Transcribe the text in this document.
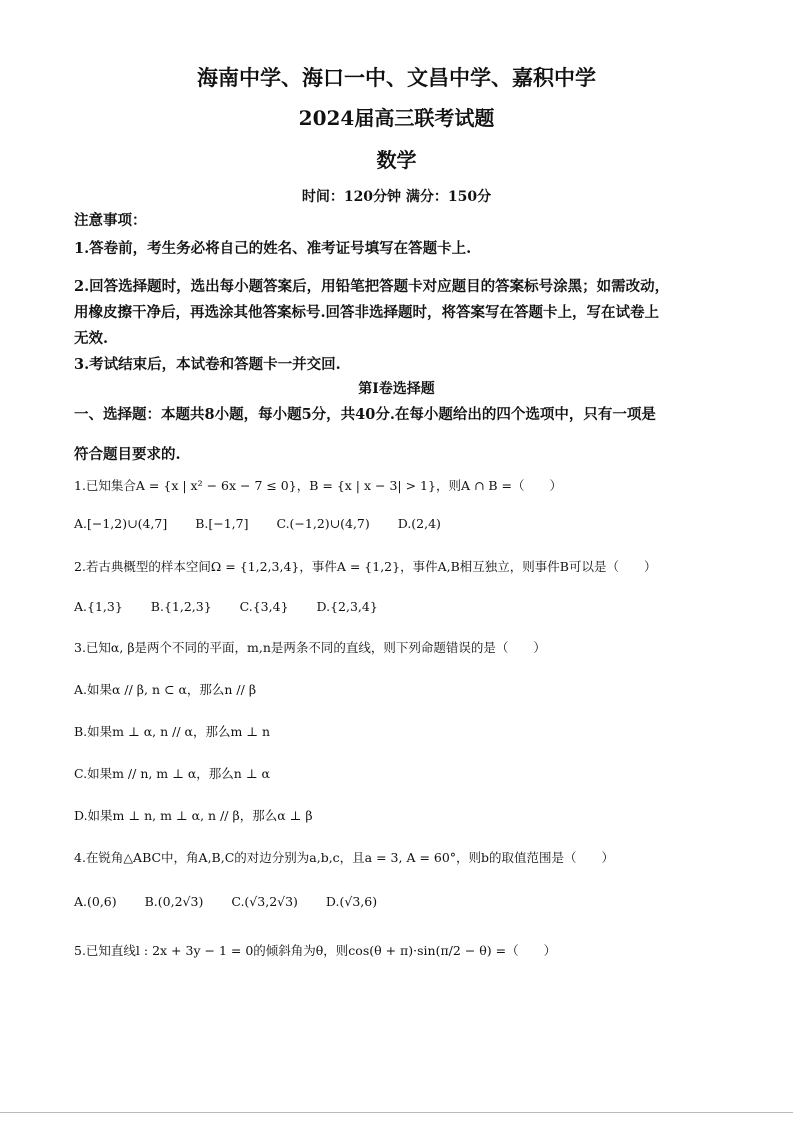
海南中学、海口一中、文昌中学、嘉积中学
2024届高三联考试题
数学
时间：120分钟 满分：150分
注意事项：
1.答卷前，考生务必将自己的姓名、准考证号填写在答题卡上.
2.回答选择题时，选出每小题答案后，用铅笔把答题卡对应题目的答案标号涂黑；如需改动，
用橡皮擦干净后，再选涂其他答案标号.回答非选择题时，将答案写在答题卡上，写在试卷上
无效.
3.考试结束后，本试卷和答题卡一并交回.
第I卷选择题
一、选择题：本题共8小题，每小题5分，共40分.在每小题给出的四个选项中，只有一项是
符合题目要求的.
1.已知集合A = {x | x² − 6x − 7 ≤ 0}，B = {x | x − 3| > 1}，则A ∩ B =（　　）
A.[−1,2)∪(4,7] B.[−1,7] C.(−1,2)∪(4,7) D.(2,4)
2.若古典概型的样本空间Ω = {1,2,3,4}，事件A = {1,2}，事件A,B相互独立，则事件B可以是（　　）
A.{1,3} B.{1,2,3} C.{3,4} D.{2,3,4}
3.已知α, β是两个不同的平面，m,n是两条不同的直线，则下列命题错误的是（　　）
A.如果α // β, n ⊂ α，那么n // β
B.如果m ⊥ α, n // α，那么m ⊥ n
C.如果m // n, m ⊥ α，那么n ⊥ α
D.如果m ⊥ n, m ⊥ α, n // β，那么α ⊥ β
4.在锐角△ABC中，角A,B,C的对边分别为a,b,c，且a = 3, A = 60°，则b的取值范围是（　　）
A.(0,6) B.(0,2√3) C.(√3,2√3) D.(√3,6)
5.已知直线l : 2x + 3y − 1 = 0的倾斜角为θ，则cos(θ + π)·sin(π/2 − θ) =（　　）
